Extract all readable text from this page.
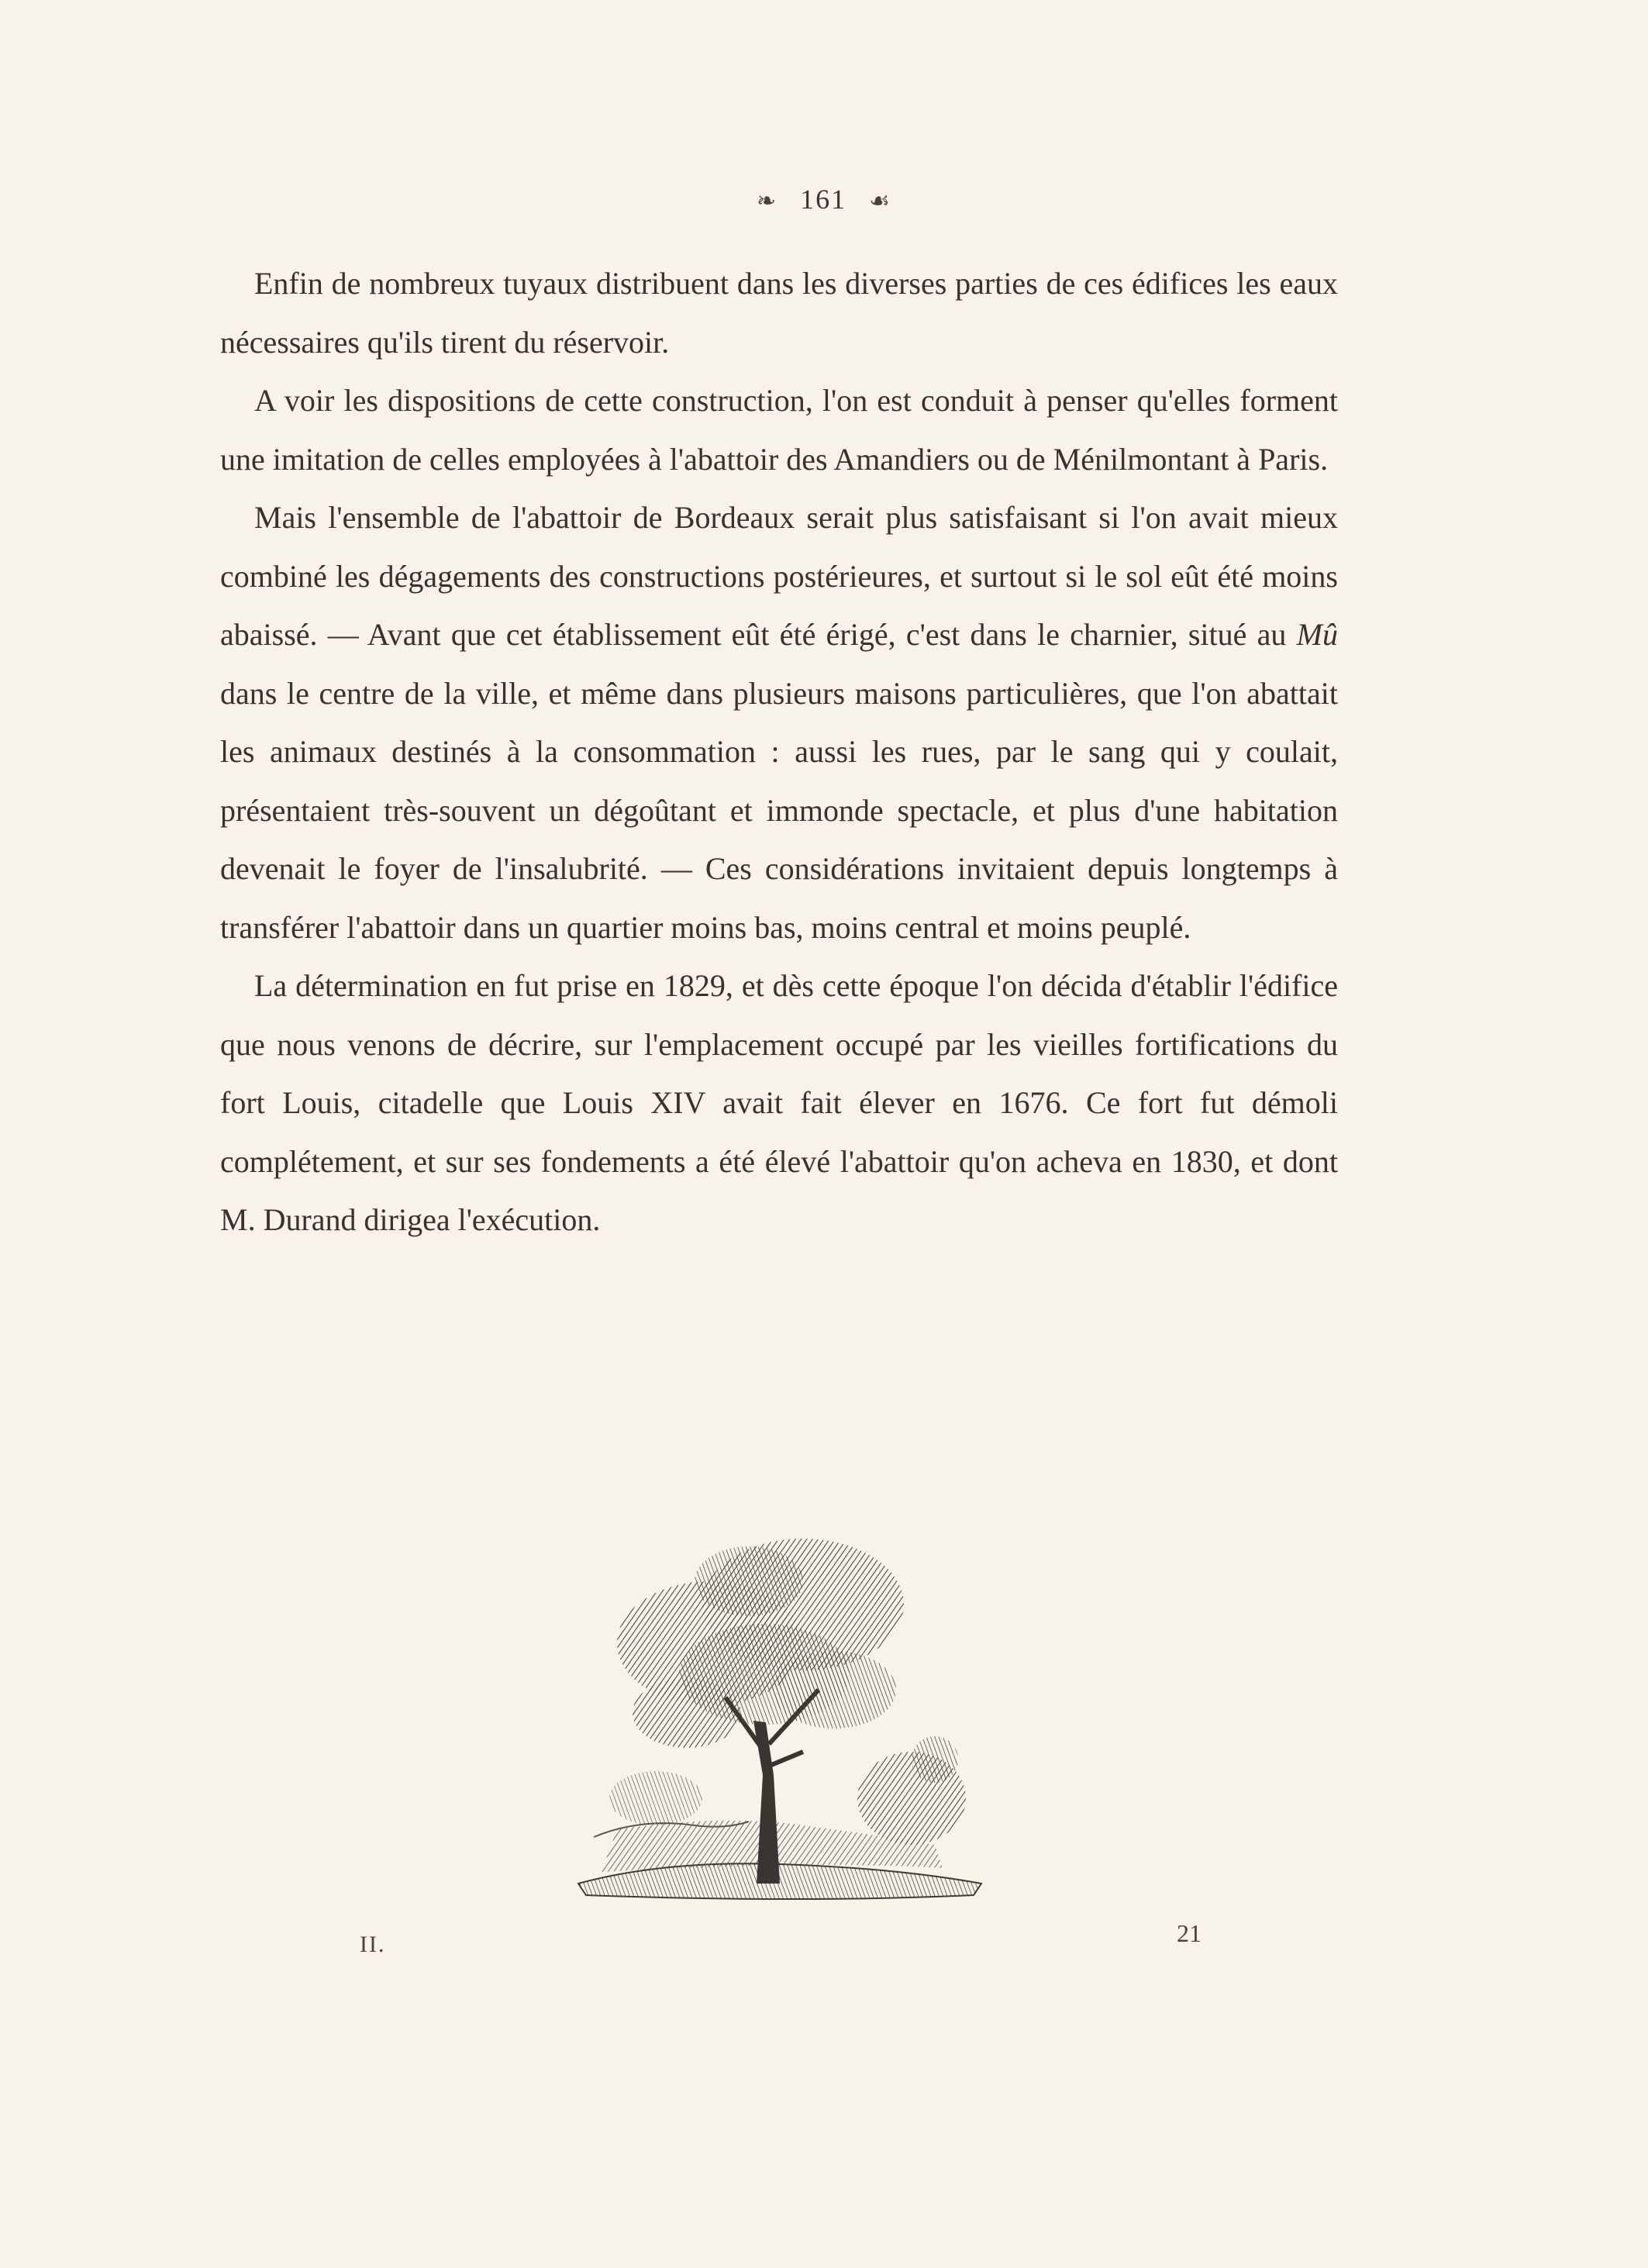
❧ 161 ☙

Enfin de nombreux tuyaux distribuent dans les diverses parties de ces édifices les eaux nécessaires qu'ils tirent du réservoir.

A voir les dispositions de cette construction, l'on est conduit à penser qu'elles forment une imitation de celles employées à l'abattoir des Amandiers ou de Ménilmontant à Paris.

Mais l'ensemble de l'abattoir de Bordeaux serait plus satisfaisant si l'on avait mieux combiné les dégagements des constructions postérieures, et surtout si le sol eût été moins abaissé. — Avant que cet établissement eût été érigé, c'est dans le charnier, situé au Mû dans le centre de la ville, et même dans plusieurs maisons particulières, que l'on abattait les animaux destinés à la consommation : aussi les rues, par le sang qui y coulait, présentaient très-souvent un dégoûtant et immonde spectacle, et plus d'une habitation devenait le foyer de l'insalubrité. — Ces considérations invitaient depuis longtemps à transférer l'abattoir dans un quartier moins bas, moins central et moins peuplé.

La détermination en fut prise en 1829, et dès cette époque l'on décida d'établir l'édifice que nous venons de décrire, sur l'emplacement occupé par les vieilles fortifications du fort Louis, citadelle que Louis XIV avait fait élever en 1676. Ce fort fut démoli complétement, et sur ses fondements a été élevé l'abattoir qu'on acheva en 1830, et dont M. Durand dirigea l'exécution.

II.	21
